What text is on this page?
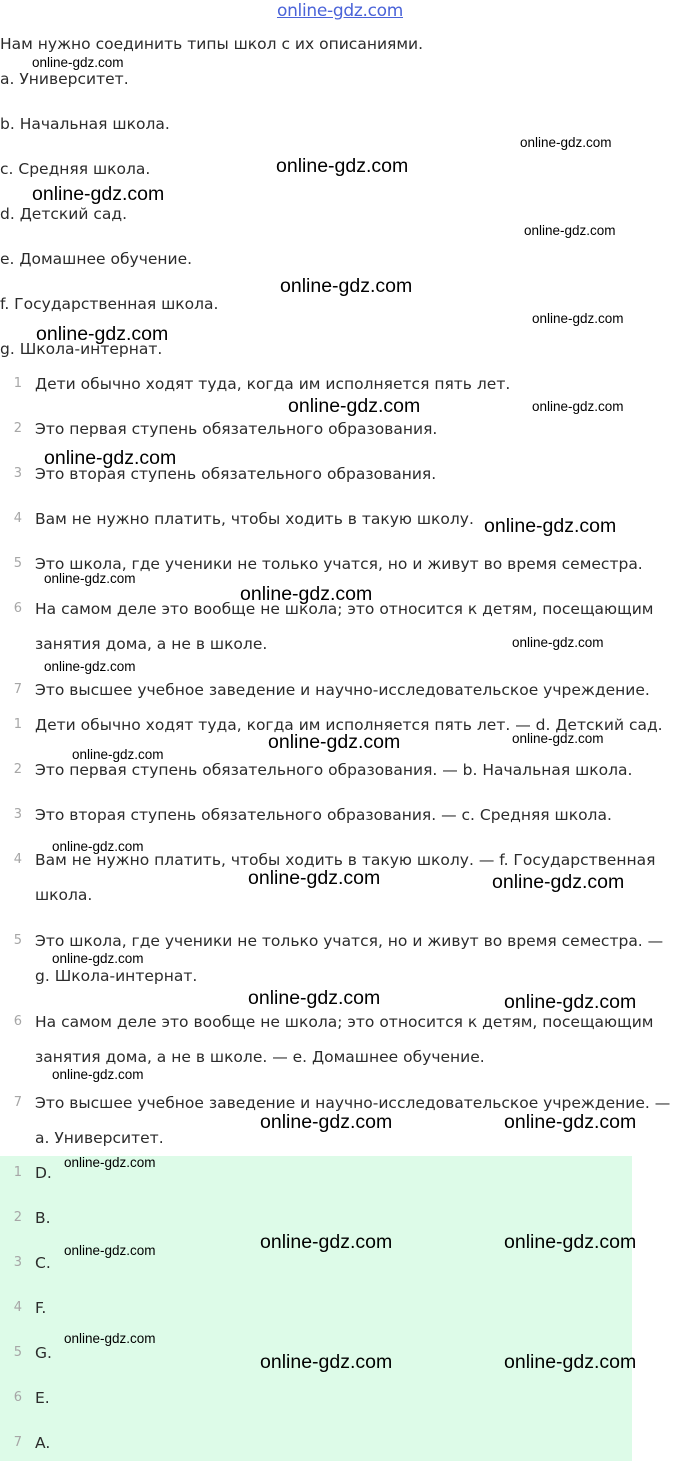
online-gdz.com
Нам нужно соединить типы школ с их описаниями.
a. Университет.
b. Начальная школа.
c. Средняя школа.
d. Детский сад.
e. Домашнее обучение.
f. Государственная школа.
g. Школа-интернат.
1 Дети обычно ходят туда, когда им исполняется пять лет.
2 Это первая ступень обязательного образования.
3 Это вторая ступень обязательного образования.
4 Вам не нужно платить, чтобы ходить в такую школу.
5 Это школа, где ученики не только учатся, но и живут во время семестра.
6 На самом деле это вообще не школа; это относится к детям, посещающим занятия дома, а не в школе.
7 Это высшее учебное заведение и научно-исследовательское учреждение.
1 Дети обычно ходят туда, когда им исполняется пять лет. — d. Детский сад.
2 Это первая ступень обязательного образования. — b. Начальная школа.
3 Это вторая ступень обязательного образования. — c. Средняя школа.
4 Вам не нужно платить, чтобы ходить в такую школу. — f. Государственная школа.
5 Это школа, где ученики не только учатся, но и живут во время семестра. — g. Школа-интернат.
6 На самом деле это вообще не школа; это относится к детям, посещающим занятия дома, а не в школе. — e. Домашнее обучение.
7 Это высшее учебное заведение и научно-исследовательское учреждение. — a. Университет.
1 D.
2 B.
3 C.
4 F.
5 G.
6 E.
7 A.
online-gdz.com
online-gdz.com
online-gdz.com
online-gdz.com
online-gdz.com
online-gdz.com
online-gdz.com
online-gdz.com
online-gdz.com	online-gdz.com
online-gdz.com
online-gdz.com
online-gdz.com
online-gdz.com
online-gdz.com
online-gdz.com
online-gdz.com
online-gdz.com
online-gdz.com
online-gdz.com
online-gdz.com	online-gdz.com
online-gdz.com
online-gdz.com	online-gdz.com
online-gdz.com
online-gdz.com	online-gdz.com
online-gdz.com
online-gdz.com	online-gdz.com
online-gdz.com
online-gdz.com
online-gdz.com	online-gdz.com
